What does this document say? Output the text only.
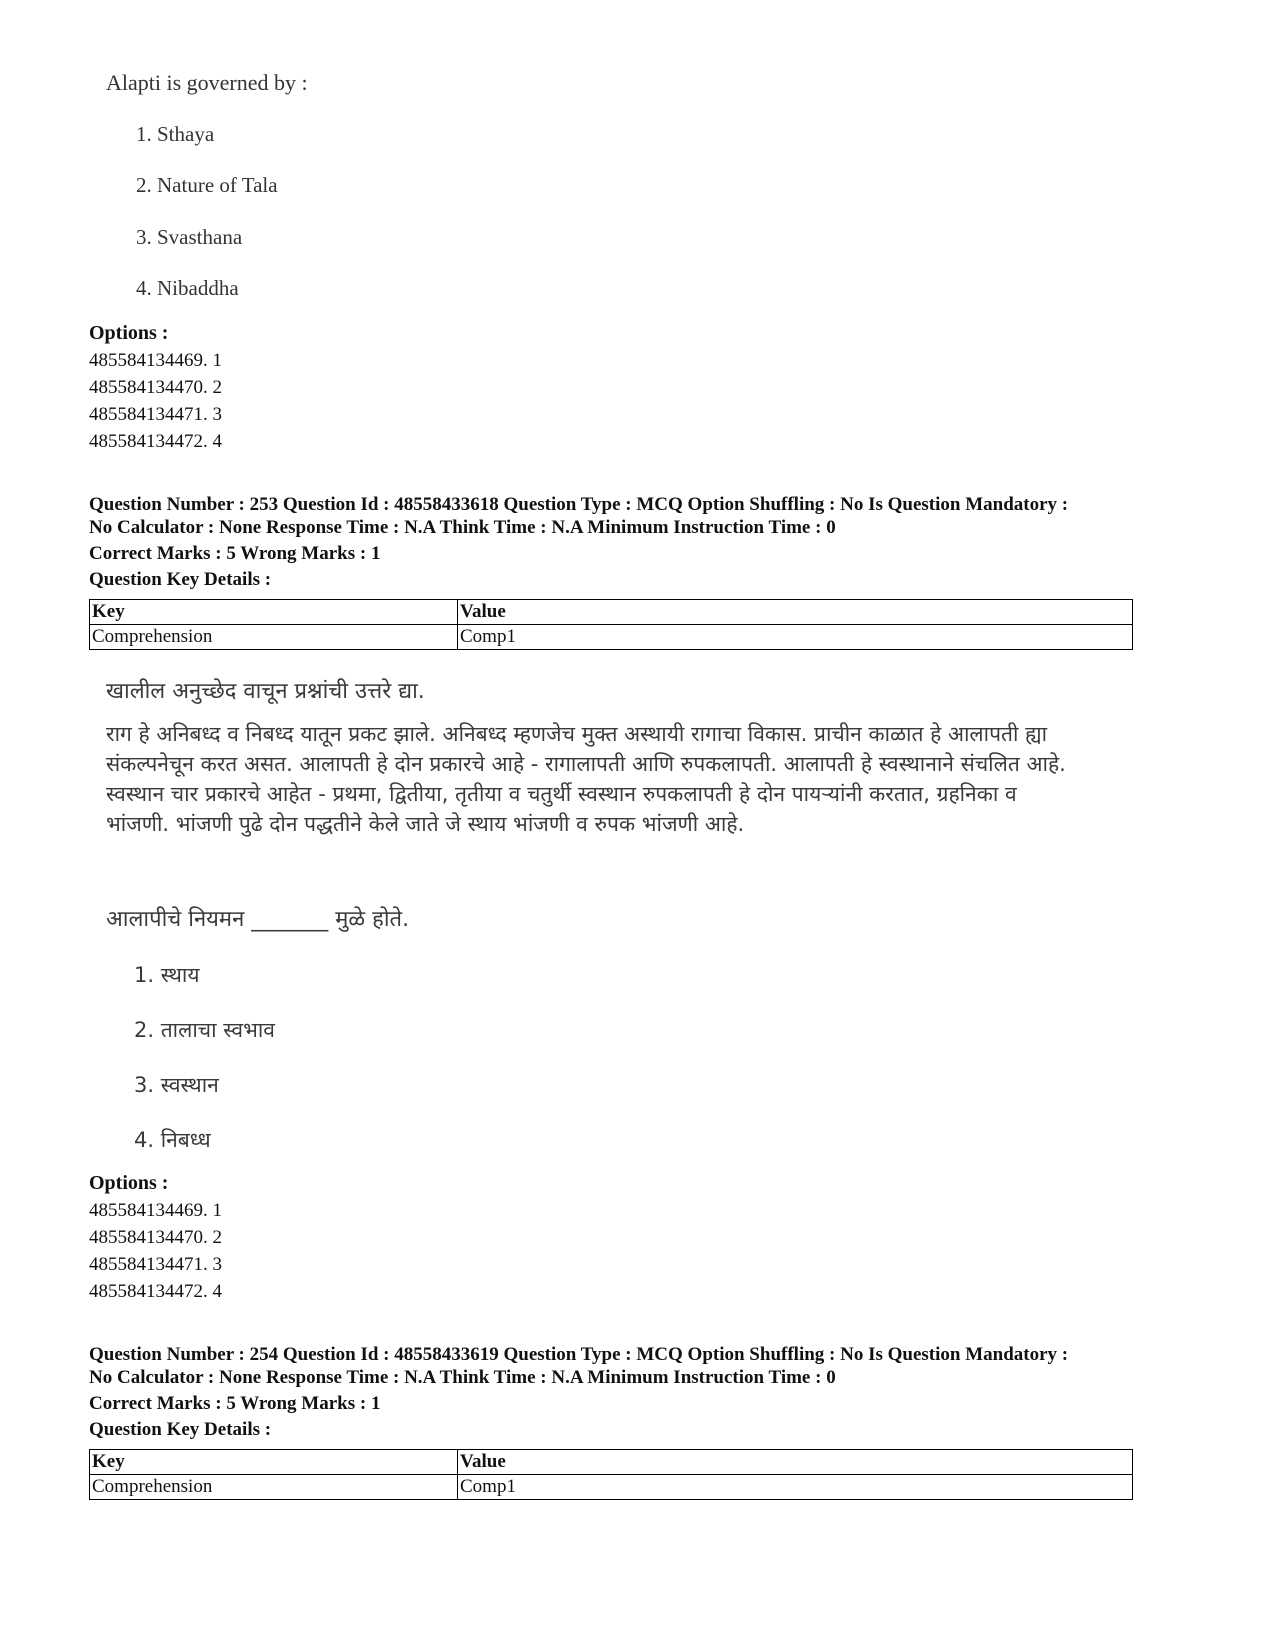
Alapti is governed by :
1. Sthaya
2. Nature of Tala
3. Svasthana
4. Nibaddha
Options :
485584134469. 1
485584134470. 2
485584134471. 3
485584134472. 4
Question Number : 253 Question Id : 48558433618 Question Type : MCQ Option Shuffling : No Is Question Mandatory :
No Calculator : None Response Time : N.A Think Time : N.A Minimum Instruction Time : 0
Correct Marks : 5 Wrong Marks : 1
Question Key Details :
Key	Value
Comprehension	Comp1
खालील अनुच्छेद वाचून प्रश्नांची उत्तरे द्या.
राग हे अनिबध्द व निबध्द यातून प्रकट झाले. अनिबध्द म्हणजेच मुक्त अस्थायी रागाचा विकास. प्राचीन काळात हे आलापती ह्या संकल्पनेचून करत असत. आलापती हे दोन प्रकारचे आहे - रागालापती आणि रुपकलापती. आलापती हे स्वस्थानाने संचलित आहे. स्वस्थान चार प्रकारचे आहेत - प्रथमा, द्वितीया, तृतीया व चतुर्थी स्वस्थान रुपकलापती हे दोन पायऱ्यांनी करतात, ग्रहनिका व भांजणी. भांजणी पुढे दोन पद्धतीने केले जाते जे स्थाय भांजणी व रुपक भांजणी आहे.
आलापीचे नियमन _______ मुळे होते.
1. स्थाय
2. तालाचा स्वभाव
3. स्वस्थान
4. निबध्ध
Options :
485584134469. 1
485584134470. 2
485584134471. 3
485584134472. 4
Question Number : 254 Question Id : 48558433619 Question Type : MCQ Option Shuffling : No Is Question Mandatory :
No Calculator : None Response Time : N.A Think Time : N.A Minimum Instruction Time : 0
Correct Marks : 5 Wrong Marks : 1
Question Key Details :
Key	Value
Comprehension	Comp1
